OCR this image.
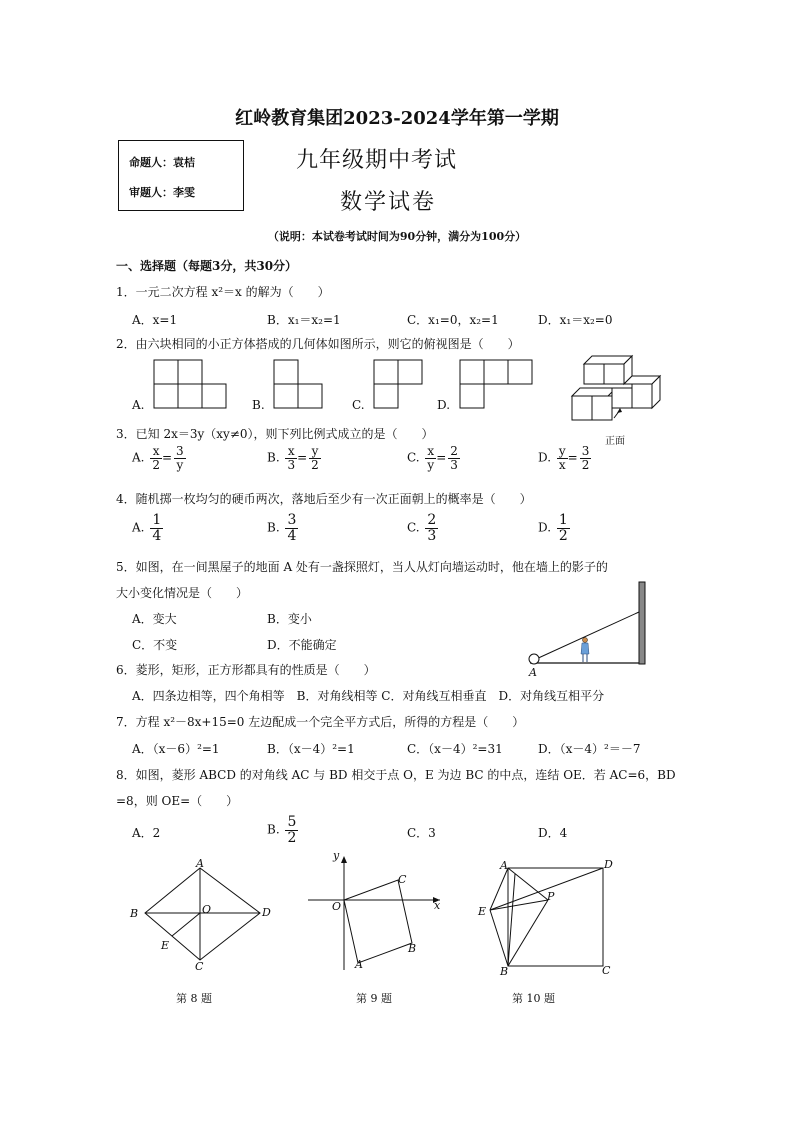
红岭教育集团2023-2024学年第一学期
命题人：袁桔
审题人：李雯
九年级期中考试
数学试卷
（说明：本试卷考试时间为90分钟，满分为100分）
一、选择题（每题3分，共30分）
1．一元二次方程 x²＝x 的解为（　　）
A．x=1	B．x₁＝x₂=1	C．x₁=0，x₂=1	D．x₁＝x₂=0
2．由六块相同的小正方体搭成的几何体如图所示，则它的俯视图是（　　）
A.	B.	C.	D.
正面
3．已知 2x＝3y（xy≠0），则下列比例式成立的是（　　）
A. $\frac{x}{2} = \frac{3}{y}$	B. $\frac{x}{3} = \frac{y}{2}$	C. $\frac{x}{y} = \frac{2}{3}$	D. $\frac{y}{x} = \frac{3}{2}$
4．随机掷一枚均匀的硬币两次，落地后至少有一次正面朝上的概率是（　　）
A. $\frac{1}{4}$	B. $\frac{3}{4}$	C. $\frac{2}{3}$	D. $\frac{1}{2}$
5．如图，在一间黑屋子的地面 A 处有一盏探照灯，当人从灯向墙运动时，他在墙上的影子的
大小变化情况是（　　）
A．变大	B．变小
C．不变	D．不能确定
A
6．菱形，矩形，正方形都具有的性质是（　　）
A．四条边相等，四个角相等　B．对角线相等 C．对角线互相垂直　D．对角线互相平分
7．方程 x²－8x+15=0 左边配成一个完全平方式后，所得的方程是（　　）
A．（x－6）²=1	B．（x－4）²=1	C．（x－4）²=31	D．（x－4）²＝－7
8．如图，菱形 ABCD 的对角线 AC 与 BD 相交于点 O，E 为边 BC 的中点，连结 OE．若 AC=6，BD
=8，则 OE=（　　）
A．2	B. $\frac{5}{2}$	C．3	D．4
A
B	O	D
E
C
第 8 题
y
x
O
C
B
A
第 9 题
A	D
E
P
B	C
第 10 题
